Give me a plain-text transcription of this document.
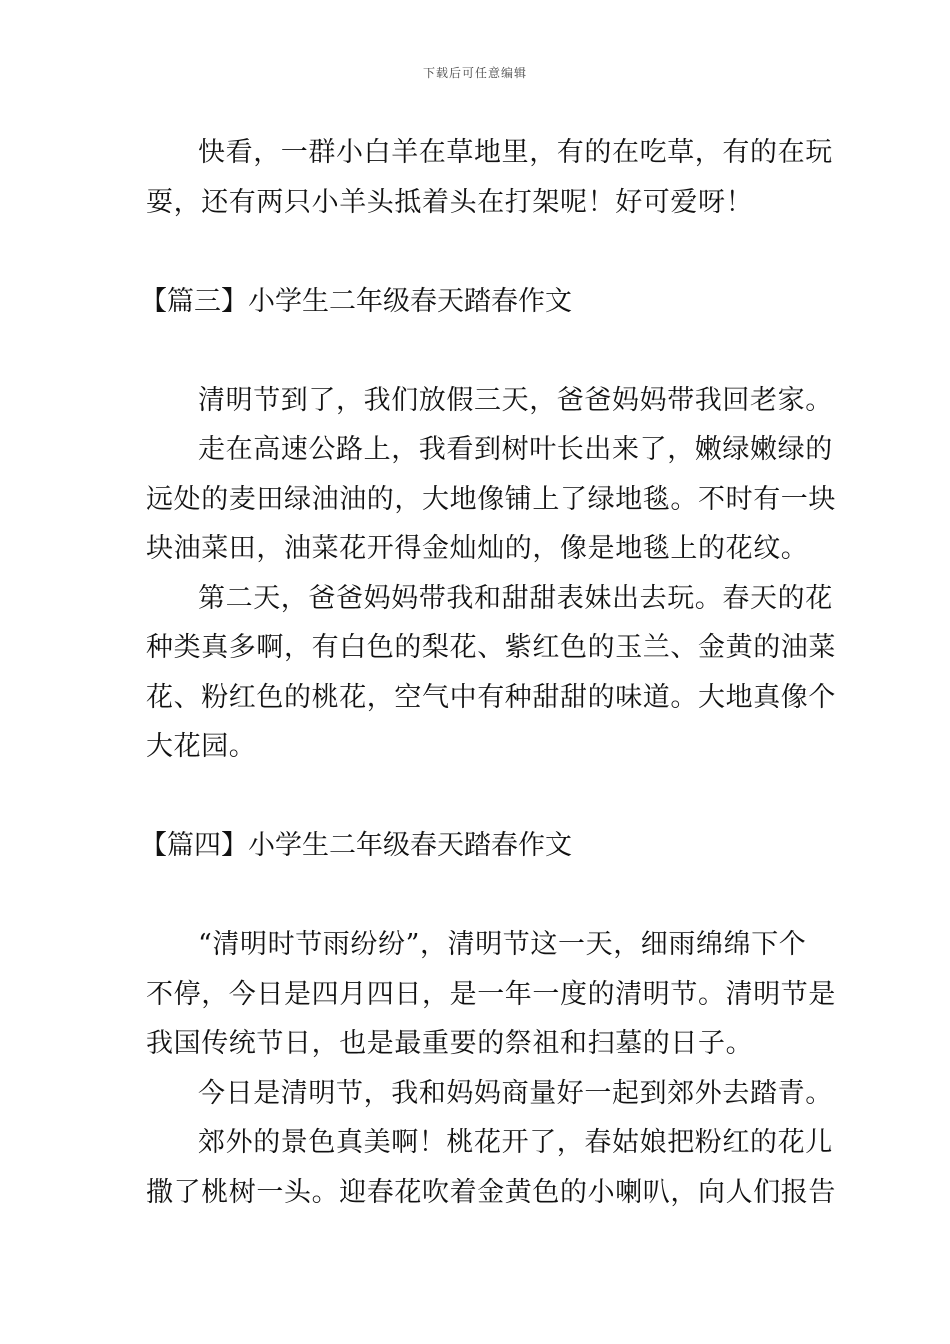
下载后可任意编辑
快看，一群小白羊在草地里，有的在吃草，有的在玩
耍，还有两只小羊头抵着头在打架呢！好可爱呀！
【篇三】小学生二年级春天踏春作文
清明节到了，我们放假三天，爸爸妈妈带我回老家。
走在高速公路上，我看到树叶长出来了，嫩绿嫩绿的
远处的麦田绿油油的，大地像铺上了绿地毯。不时有一块
块油菜田，油菜花开得金灿灿的，像是地毯上的花纹。
第二天，爸爸妈妈带我和甜甜表妹出去玩。春天的花
种类真多啊，有白色的梨花、紫红色的玉兰、金黄的油菜
花、粉红色的桃花，空气中有种甜甜的味道。大地真像个
大花园。
【篇四】小学生二年级春天踏春作文
“清明时节雨纷纷”，清明节这一天，细雨绵绵下个
不停，今日是四月四日，是一年一度的清明节。清明节是
我国传统节日，也是最重要的祭祖和扫墓的日子。
今日是清明节，我和妈妈商量好一起到郊外去踏青。
郊外的景色真美啊！桃花开了，春姑娘把粉红的花儿
撒了桃树一头。迎春花吹着金黄色的小喇叭，向人们报告
